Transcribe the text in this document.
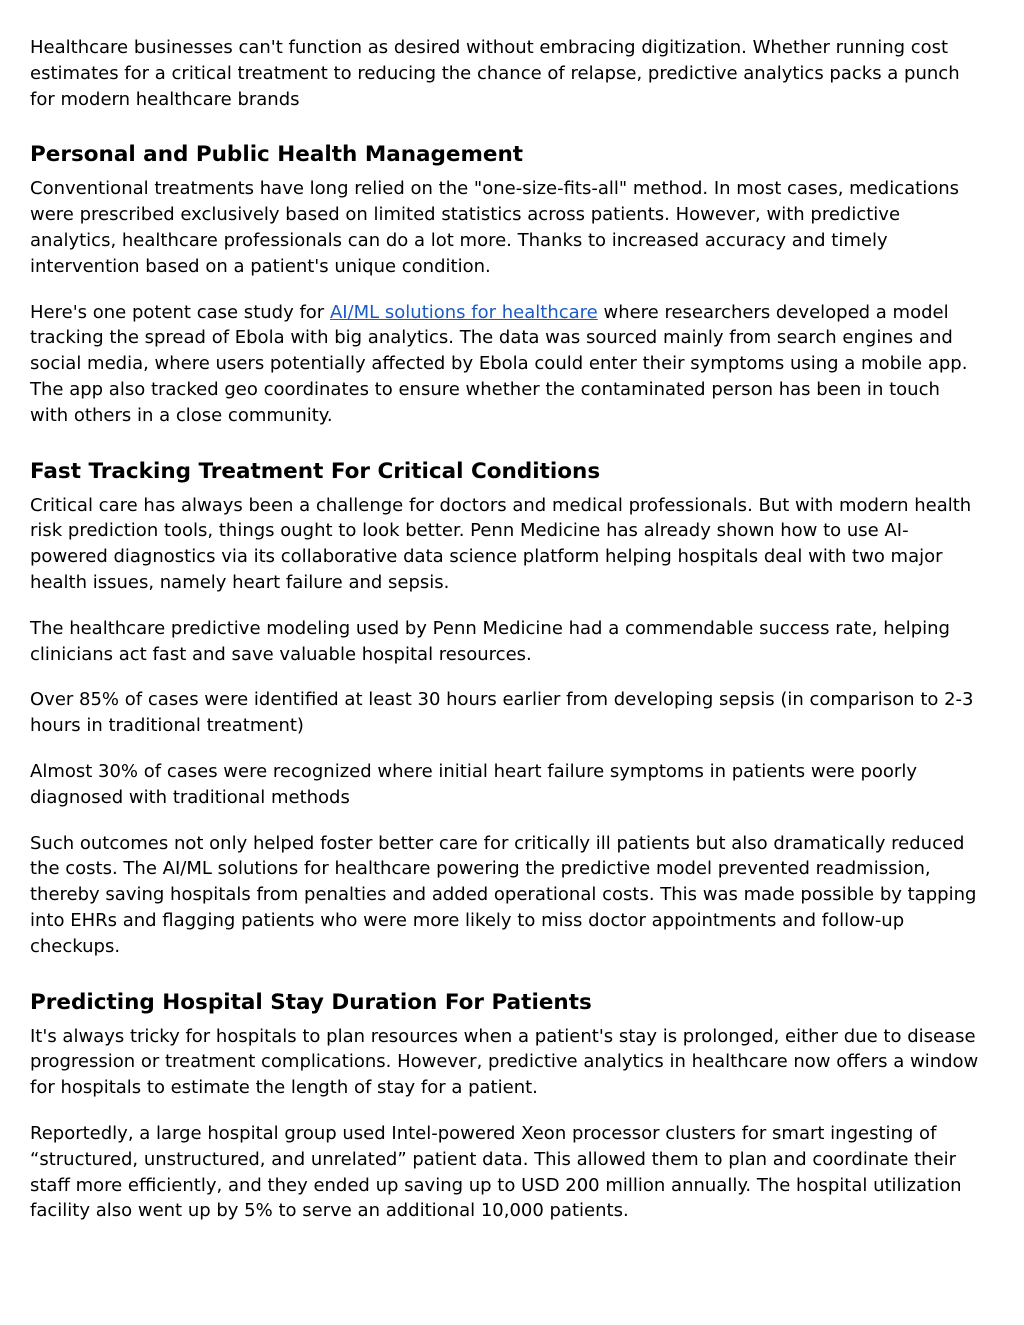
Healthcare businesses can't function as desired without embracing digitization. Whether running cost estimates for a critical treatment to reducing the chance of relapse, predictive analytics packs a punch for modern healthcare brands

Personal and Public Health Management

Conventional treatments have long relied on the "one-size-fits-all" method. In most cases, medications were prescribed exclusively based on limited statistics across patients. However, with predictive analytics, healthcare professionals can do a lot more. Thanks to increased accuracy and timely intervention based on a patient's unique condition.

Here's one potent case study for AI/ML solutions for healthcare where researchers developed a model tracking the spread of Ebola with big analytics. The data was sourced mainly from search engines and social media, where users potentially affected by Ebola could enter their symptoms using a mobile app. The app also tracked geo coordinates to ensure whether the contaminated person has been in touch with others in a close community.

Fast Tracking Treatment For Critical Conditions

Critical care has always been a challenge for doctors and medical professionals. But with modern health risk prediction tools, things ought to look better. Penn Medicine has already shown how to use AI-powered diagnostics via its collaborative data science platform helping hospitals deal with two major health issues, namely heart failure and sepsis.

The healthcare predictive modeling used by Penn Medicine had a commendable success rate, helping clinicians act fast and save valuable hospital resources.

Over 85% of cases were identified at least 30 hours earlier from developing sepsis (in comparison to 2-3 hours in traditional treatment)

Almost 30% of cases were recognized where initial heart failure symptoms in patients were poorly diagnosed with traditional methods

Such outcomes not only helped foster better care for critically ill patients but also dramatically reduced the costs. The AI/ML solutions for healthcare powering the predictive model prevented readmission, thereby saving hospitals from penalties and added operational costs. This was made possible by tapping into EHRs and flagging patients who were more likely to miss doctor appointments and follow-up checkups.

Predicting Hospital Stay Duration For Patients

It's always tricky for hospitals to plan resources when a patient's stay is prolonged, either due to disease progression or treatment complications. However, predictive analytics in healthcare now offers a window for hospitals to estimate the length of stay for a patient.

Reportedly, a large hospital group used Intel-powered Xeon processor clusters for smart ingesting of “structured, unstructured, and unrelated” patient data. This allowed them to plan and coordinate their staff more efficiently, and they ended up saving up to USD 200 million annually. The hospital utilization facility also went up by 5% to serve an additional 10,000 patients.
